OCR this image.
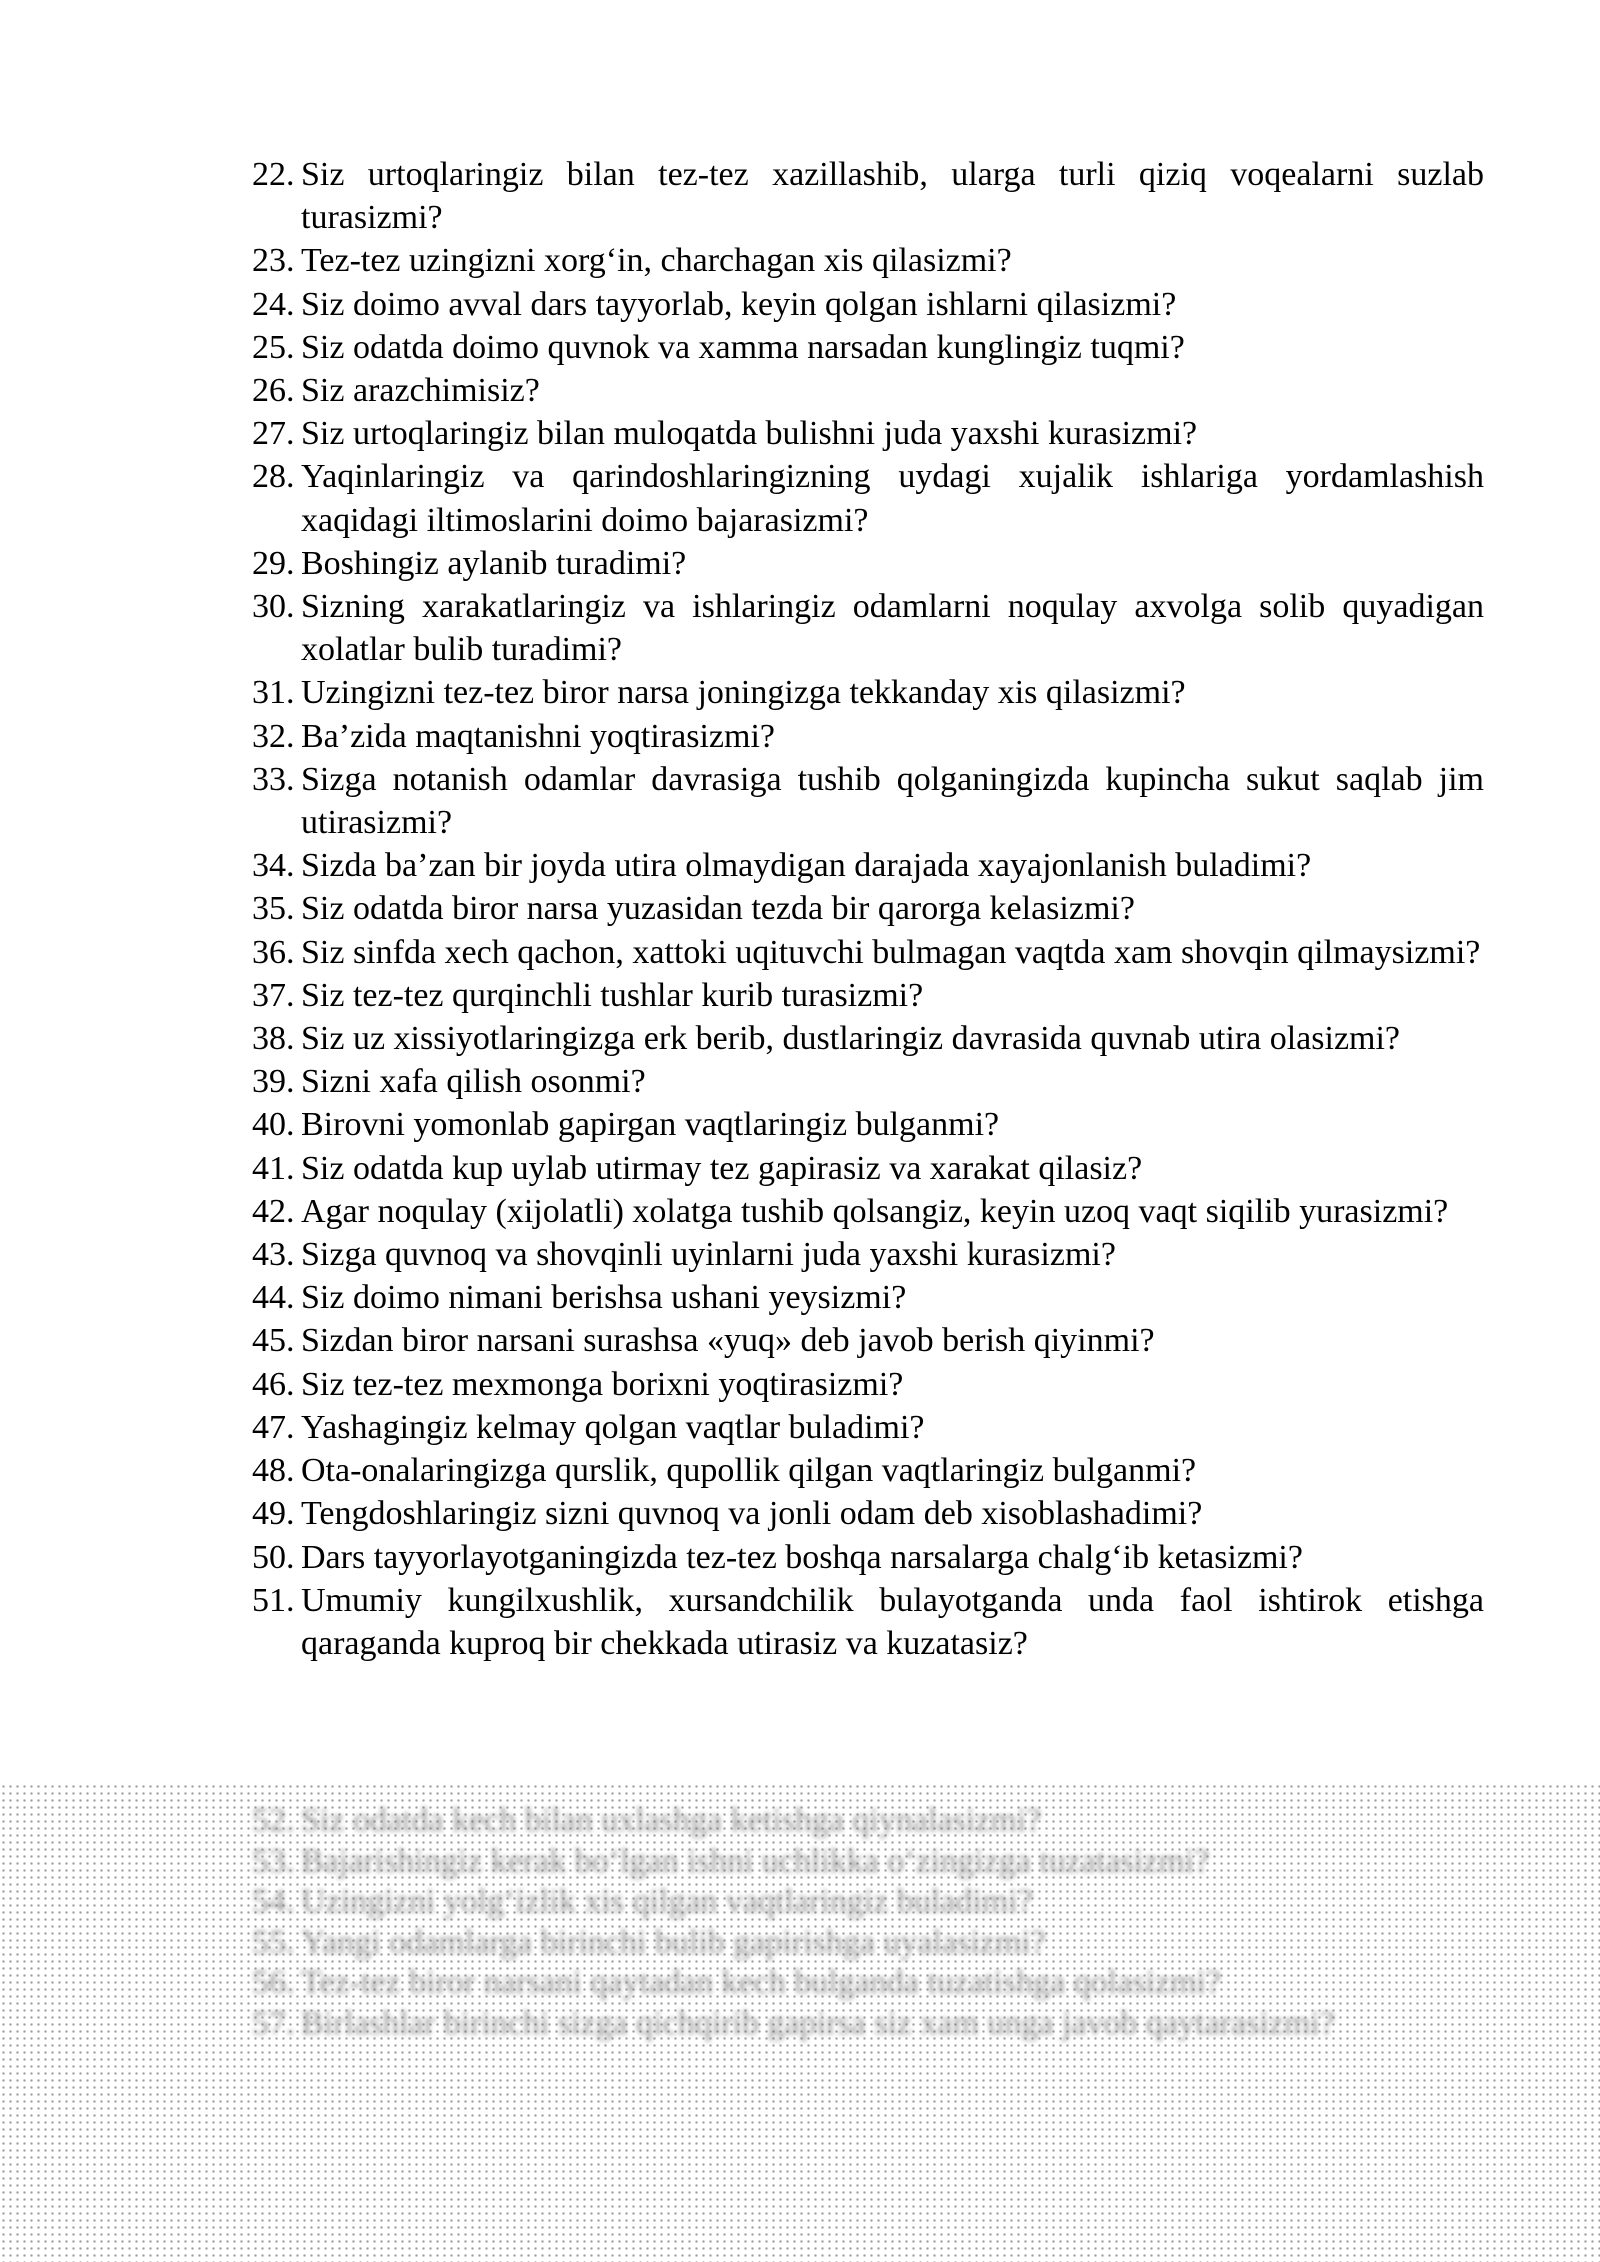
22. Siz urtoqlaringiz bilan tez-tez xazillashib, ularga turli qiziq voqealarni suzlab turasizmi?
23. Tez-tez uzingizni xorg‘in, charchagan xis qilasizmi?
24. Siz doimo avval dars tayyorlab, keyin qolgan ishlarni qilasizmi?
25. Siz odatda doimo quvnok va xamma narsadan kunglingiz tuqmi?
26. Siz arazchimisiz?
27. Siz urtoqlaringiz bilan muloqatda bulishni juda yaxshi kurasizmi?
28. Yaqinlaringiz va qarindoshlaringizning uydagi xujalik ishlariga yordamlashish xaqidagi iltimoslarini doimo bajarasizmi?
29. Boshingiz aylanib turadimi?
30. Sizning xarakatlaringiz va ishlaringiz odamlarni noqulay axvolga solib quyadigan xolatlar bulib turadimi?
31. Uzingizni tez-tez biror narsa joningizga tekkanday xis qilasizmi?
32. Ba’zida maqtanishni yoqtirasizmi?
33. Sizga notanish odamlar davrasiga tushib qolganingizda kupincha sukut saqlab jim utirasizmi?
34. Sizda ba’zan bir joyda utira olmaydigan darajada xayajonlanish buladimi?
35. Siz odatda biror narsa yuzasidan tezda bir qarorga kelasizmi?
36. Siz sinfda xech qachon, xattoki uqituvchi bulmagan vaqtda xam shovqin qilmaysizmi?
37. Siz tez-tez qurqinchli tushlar kurib turasizmi?
38. Siz uz xissiyotlaringizga erk berib, dustlaringiz davrasida quvnab utira olasizmi?
39. Sizni xafa qilish osonmi?
40. Birovni yomonlab gapirgan vaqtlaringiz bulganmi?
41. Siz odatda kup uylab utirmay tez gapirasiz va xarakat qilasiz?
42. Agar noqulay (xijolatli) xolatga tushib qolsangiz, keyin uzoq vaqt siqilib yurasizmi?
43. Sizga quvnoq va shovqinli uyinlarni juda yaxshi kurasizmi?
44. Siz doimo nimani berishsa ushani yeysizmi?
45. Sizdan biror narsani surashsa «yuq» deb javob berish qiyinmi?
46. Siz tez-tez mexmonga borixni yoqtirasizmi?
47. Yashagingiz kelmay qolgan vaqtlar buladimi?
48. Ota-onalaringizga qurslik, qupollik qilgan vaqtlaringiz bulganmi?
49. Tengdoshlaringiz sizni quvnoq va jonli odam deb xisoblashadimi?
50. Dars tayyorlayotganingizda tez-tez boshqa narsalarga chalg‘ib ketasizmi?
51. Umumiy kungilxushlik, xursandchilik bulayotganda unda faol ishtirok etishga qaraganda kuproq bir chekkada utirasiz va kuzatasiz?
52. Siz odatda kech bilan uxlashga ketishga qiynalasizmi?
53. Bajarishingiz kerak bo‘lgan ishni uchlikka o‘zingizga tuzatasizmi?
54. Uzingizni yolg‘izlik xis qilgan vaqtlaringiz buladimi?
55. Yangi odamlarga birinchi bulib gapirishga uyalasizmi?
56. Tez-tez biror narsani qaytadan kech bulganda tuzatishga qolasizmi?
57. Birlashlar birinchi sizga qichqirib gapirsa siz xam unga javob qaytarasizmi?
